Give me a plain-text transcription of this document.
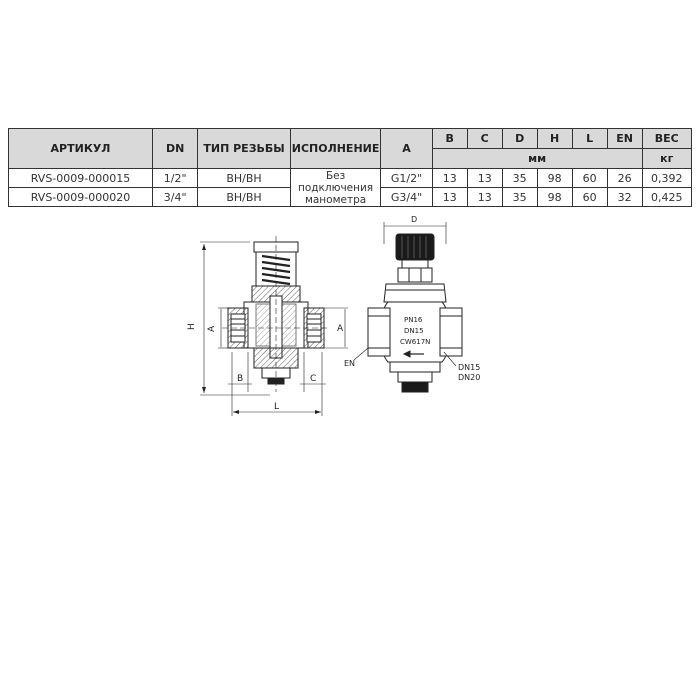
АРТИКУЛ	DN	ТИП РЕЗЬБЫ	ИСПОЛНЕНИЕ	A	B	C	D	H	L	EN	ВЕС
					мм						кг
RVS-0009-000015	1/2"	ВН/ВН	Без подключения манометра	G1/2"	13	13	35	98	60	26	0,392
RVS-0009-000020	3/4"	ВН/ВН		G3/4"	13	13	35	98	60	32	0,425
H A	A
B	C
L
D
EN
PN16
DN15
CW617N
DN15
DN20
